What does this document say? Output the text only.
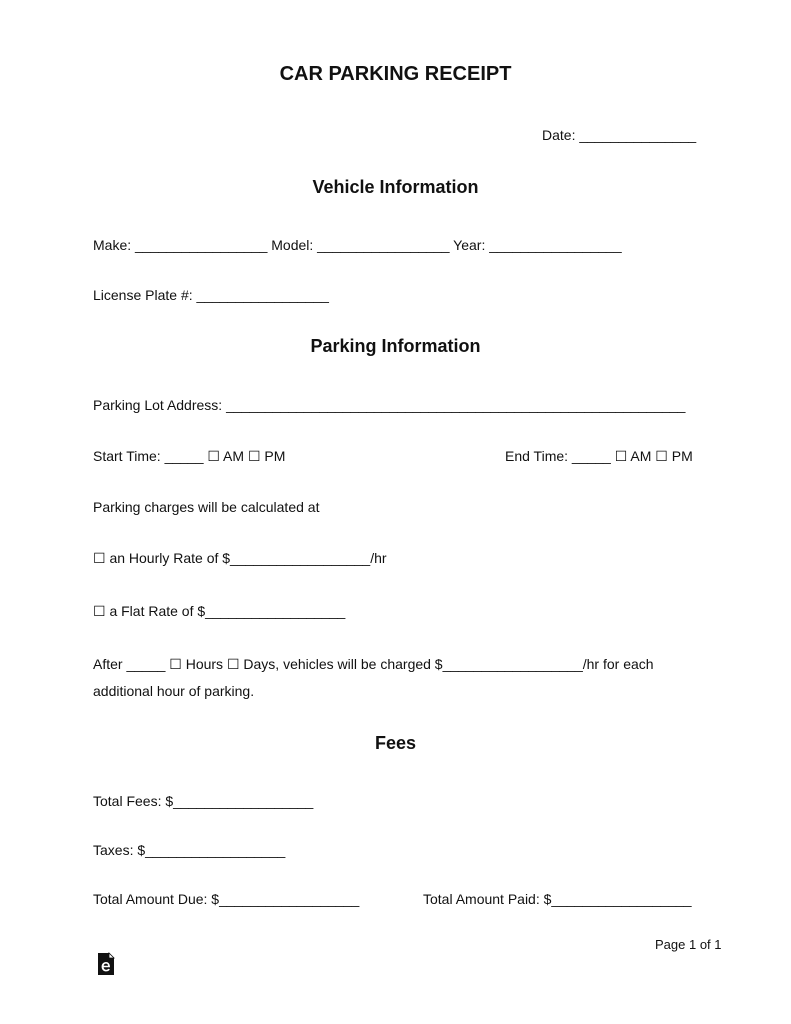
CAR PARKING RECEIPT
Date: _______________
Vehicle Information
Make: _________________ Model: _________________ Year: _________________
License Plate #: _________________
Parking Information
Parking Lot Address: ___________________________________________________________
Start Time: _____ ☐ AM ☐ PM	End Time: _____ ☐ AM ☐ PM
Parking charges will be calculated at
☐ an Hourly Rate of $__________________/hr
☐ a Flat Rate of $__________________
After _____ ☐ Hours ☐ Days, vehicles will be charged $__________________/hr for each
additional hour of parking.
Fees
Total Fees: $__________________
Taxes: $__________________
Total Amount Due: $__________________	Total Amount Paid: $__________________
Page 1 of 1
